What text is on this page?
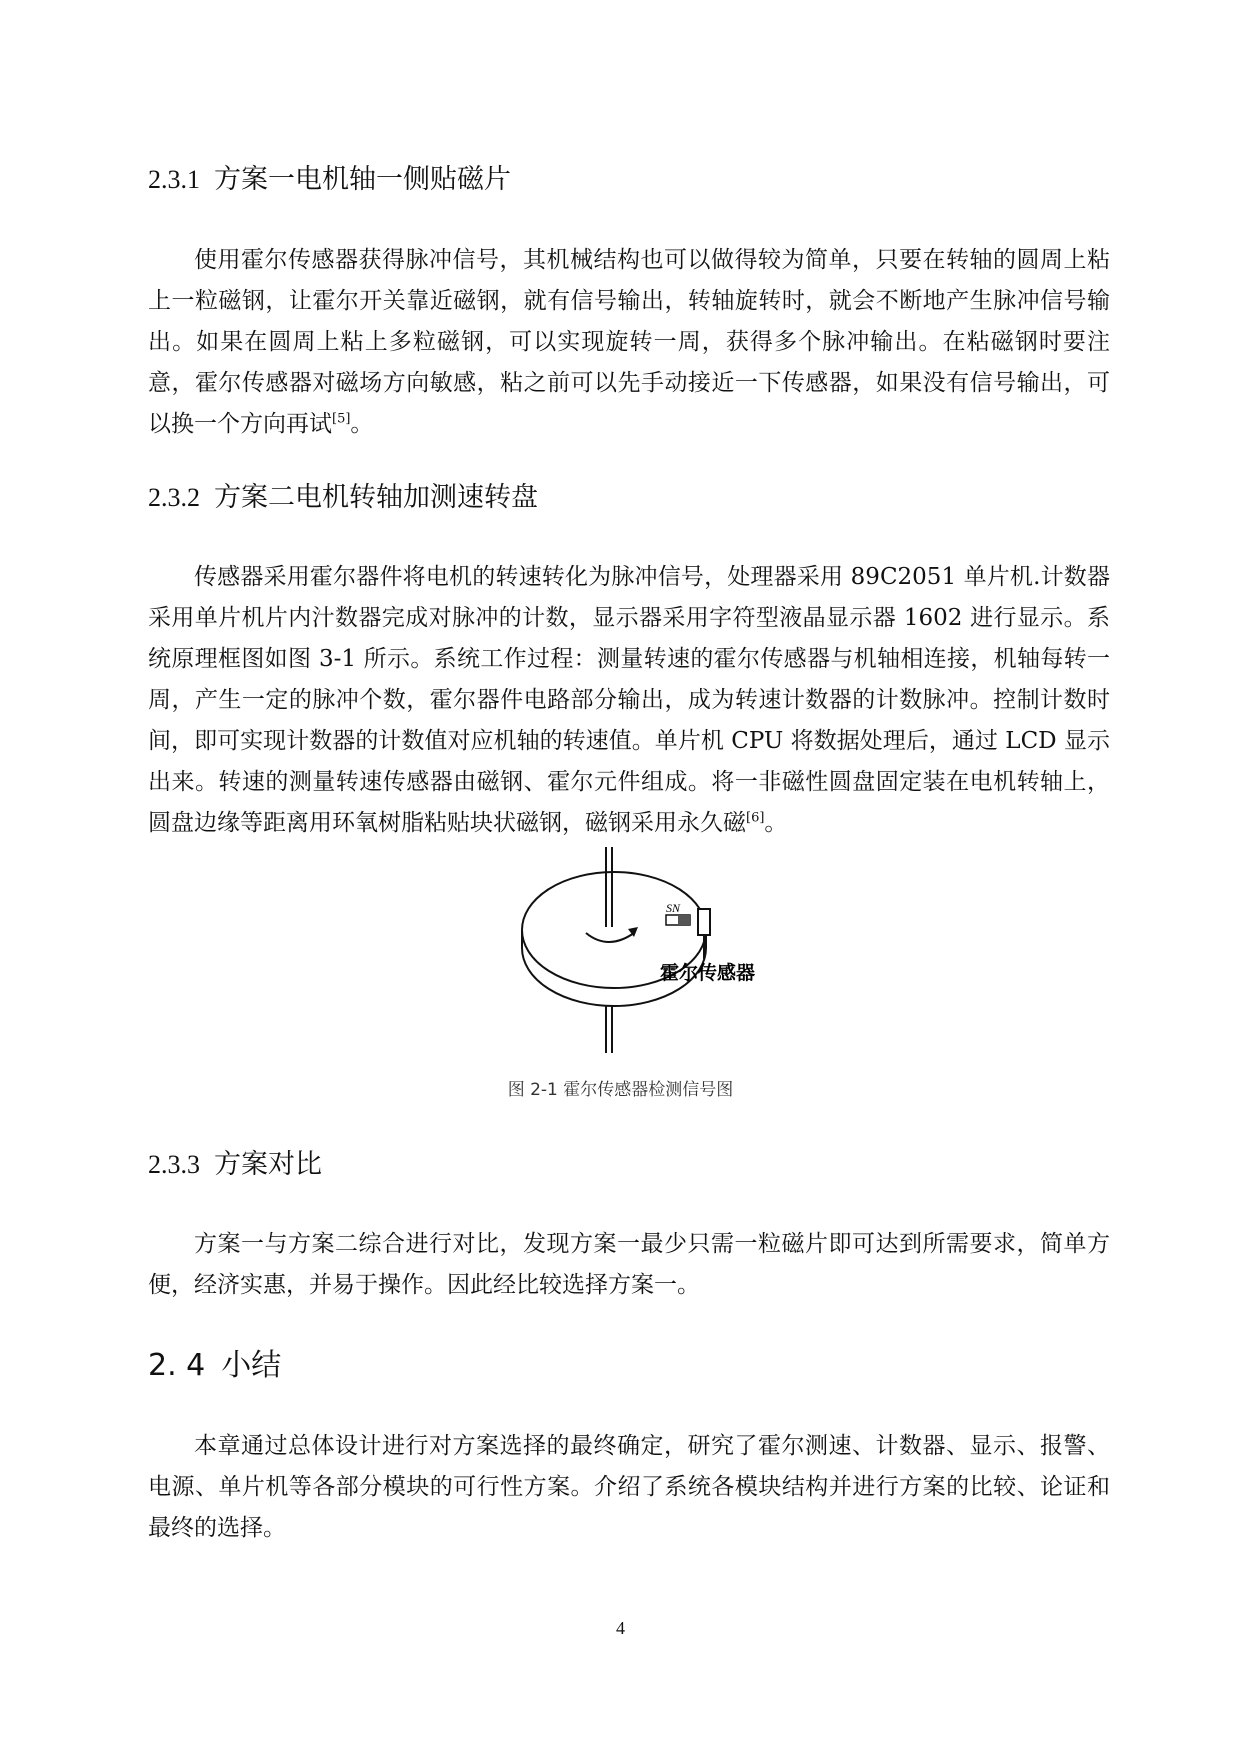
2.3.1 方案一电机轴一侧贴磁片

使用霍尔传感器获得脉冲信号，其机械结构也可以做得较为简单，只要在转轴的圆周上粘上一粒磁钢，让霍尔开关靠近磁钢，就有信号输出，转轴旋转时，就会不断地产生脉冲信号输出。如果在圆周上粘上多粒磁钢，可以实现旋转一周，获得多个脉冲输出。在粘磁钢时要注意，霍尔传感器对磁场方向敏感，粘之前可以先手动接近一下传感器，如果没有信号输出，可以换一个方向再试[5]。

2.3.2 方案二电机转轴加测速转盘

传感器采用霍尔器件将电机的转速转化为脉冲信号，处理器采用 89C2051 单片机.计数器采用单片机片内汁数器完成对脉冲的计数，显示器采用字符型液晶显示器 1602 进行显示。系统原理框图如图 3-1 所示。系统工作过程：测量转速的霍尔传感器与机轴相连接，机轴每转一周，产生一定的脉冲个数，霍尔器件电路部分输出，成为转速计数器的计数脉冲。控制计数时间，即可实现计数器的计数值对应机轴的转速值。单片机 CPU 将数据处理后，通过 LCD 显示出来。转速的测量转速传感器由磁钢、霍尔元件组成。将一非磁性圆盘固定装在电机转轴上，圆盘边缘等距离用环氧树脂粘贴块状磁钢，磁钢采用永久磁[6]。

SN
霍尔传感器
图 2-1 霍尔传感器检测信号图
2.3.3 方案对比

方案一与方案二综合进行对比，发现方案一最少只需一粒磁片即可达到所需要求，简单方便，经济实惠，并易于操作。因此经比较选择方案一。

2. 4 小结

本章通过总体设计进行对方案选择的最终确定，研究了霍尔测速、计数器、显示、报警、电源、单片机等各部分模块的可行性方案。介绍了系统各模块结构并进行方案的比较、论证和最终的选择。

4
